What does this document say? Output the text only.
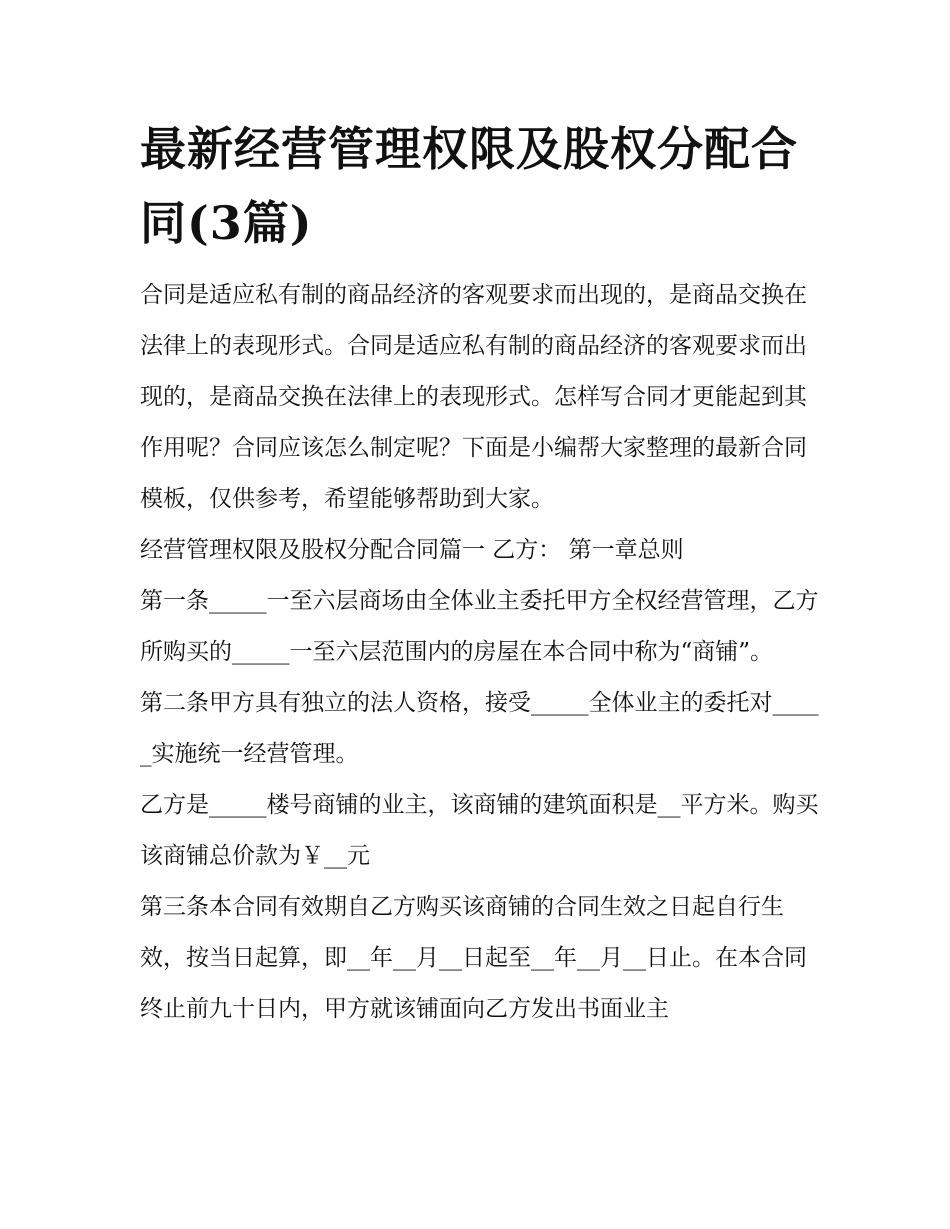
最新经营管理权限及股权分配合同(3篇)

合同是适应私有制的商品经济的客观要求而出现的，是商品交换在法律上的表现形式。合同是适应私有制的商品经济的客观要求而出现的，是商品交换在法律上的表现形式。怎样写合同才更能起到其作用呢？合同应该怎么制定呢？下面是小编帮大家整理的最新合同模板，仅供参考，希望能够帮助到大家。

经营管理权限及股权分配合同篇一 乙方： 第一章总则

第一条_____一至六层商场由全体业主委托甲方全权经营管理，乙方所购买的_____一至六层范围内的房屋在本合同中称为“商铺”。

第二条甲方具有独立的法人资格，接受_____全体业主的委托对_____实施统一经营管理。

乙方是_____楼号商铺的业主，该商铺的建筑面积是__平方米。购买该商铺总价款为￥__元

第三条本合同有效期自乙方购买该商铺的合同生效之日起自行生效，按当日起算，即__年__月__日起至__年__月__日止。在本合同终止前九十日内，甲方就该铺面向乙方发出书面业主
